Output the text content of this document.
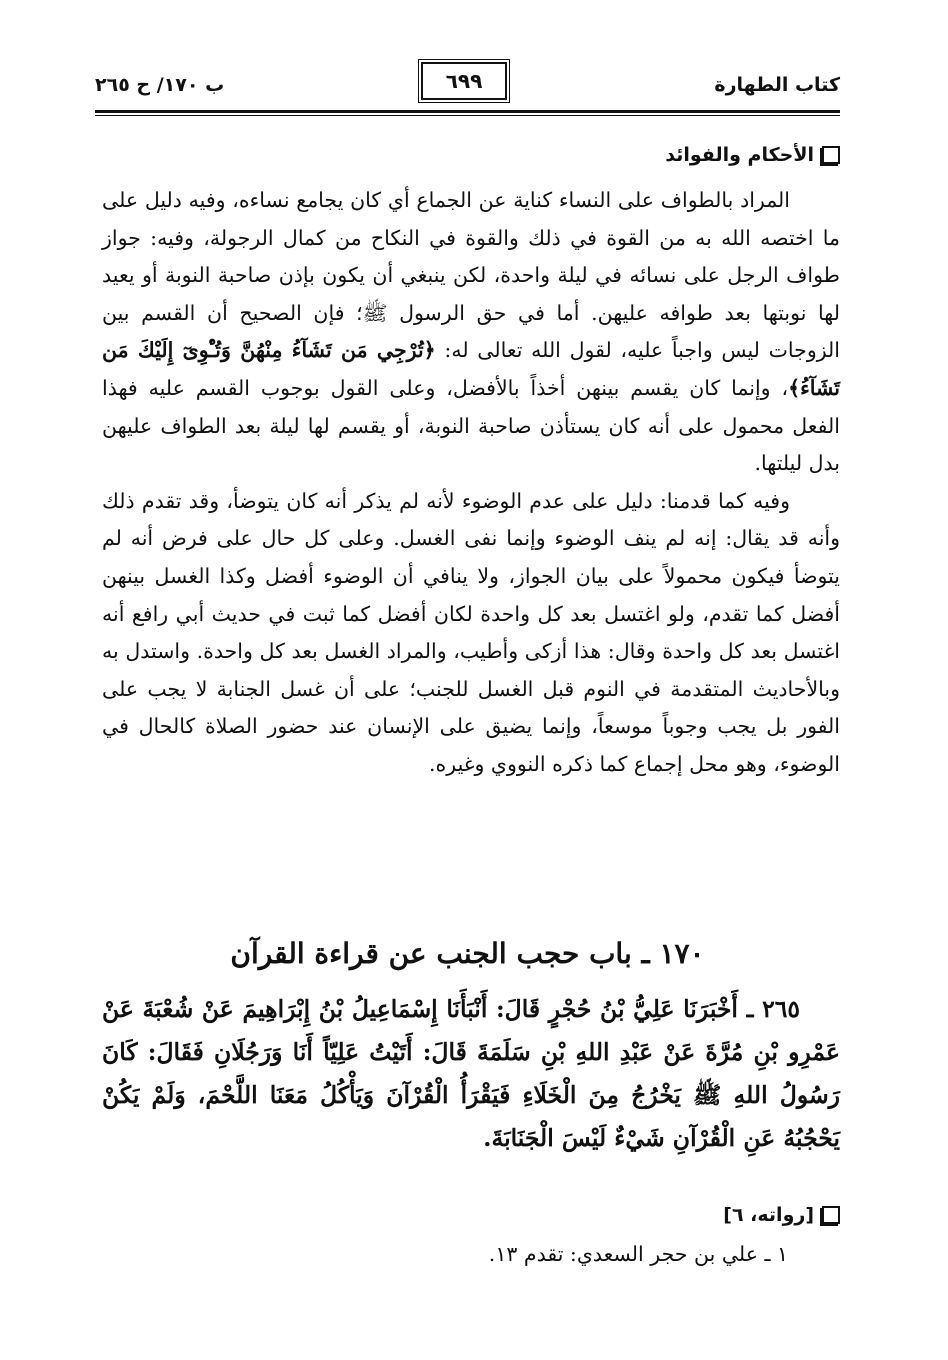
كتاب الطهارة
٦٩٩
ب ١٧٠/ ح ٢٦٥
الأحكام والفوائد

المراد بالطواف على النساء كناية عن الجماع أي كان يجامع نساءه، وفيه دليل على ما اختصه الله به من القوة في ذلك والقوة في النكاح من كمال الرجولة، وفيه: جواز طواف الرجل على نسائه في ليلة واحدة، لكن ينبغي أن يكون بإذن صاحبة النوبة أو يعيد لها نوبتها بعد طوافه عليهن. أما في حق الرسول ﷺ؛ فإن الصحيح أن القسم بين الزوجات ليس واجباً عليه، لقول الله تعالى له: ﴿تُرْجِي مَن تَشَآءُ مِنْهُنَّ وَتُـْٔوِىٓ إِلَيْكَ مَن تَشَآءُ﴾، وإنما كان يقسم بينهن أخذاً بالأفضل، وعلى القول بوجوب القسم عليه فهذا الفعل محمول على أنه كان يستأذن صاحبة النوبة، أو يقسم لها ليلة بعد الطواف عليهن بدل ليلتها.

وفيه كما قدمنا: دليل على عدم الوضوء لأنه لم يذكر أنه كان يتوضأ، وقد تقدم ذلك وأنه قد يقال: إنه لم ينف الوضوء وإنما نفى الغسل. وعلى كل حال على فرض أنه لم يتوضأ فيكون محمولاً على بيان الجواز، ولا ينافي أن الوضوء أفضل وكذا الغسل بينهن أفضل كما تقدم، ولو اغتسل بعد كل واحدة لكان أفضل كما ثبت في حديث أبي رافع أنه اغتسل بعد كل واحدة وقال: هذا أزكى وأطيب، والمراد الغسل بعد كل واحدة. واستدل به وبالأحاديث المتقدمة في النوم قبل الغسل للجنب؛ على أن غسل الجنابة لا يجب على الفور بل يجب وجوباً موسعاً، وإنما يضيق على الإنسان عند حضور الصلاة كالحال في الوضوء، وهو محل إجماع كما ذكره النووي وغيره.

١٧٠ ـ باب حجب الجنب عن قراءة القرآن

٢٦٥ ـ أَخْبَرَنَا عَلِيُّ بْنُ حُجْرٍ قَالَ: أَنْبَأَنَا إِسْمَاعِيلُ بْنُ إِبْرَاهِيمَ عَنْ شُعْبَةَ عَنْ عَمْرِو بْنِ مُرَّةَ عَنْ عَبْدِ اللهِ بْنِ سَلَمَةَ قَالَ: أَتَيْتُ عَلِيّاً أَنَا وَرَجُلَانِ فَقَالَ: كَانَ رَسُولُ اللهِ ﷺ يَخْرُجُ مِنَ الْخَلَاءِ فَيَقْرَأُ الْقُرْآنَ وَيَأْكُلُ مَعَنَا اللَّحْمَ، وَلَمْ يَكُنْ يَحْجُبُهُ عَنِ الْقُرْآنِ شَيْءٌ لَيْسَ الْجَنَابَةَ.

[رواته، ٦]
١ ـ علي بن حجر السعدي: تقدم ١٣.
